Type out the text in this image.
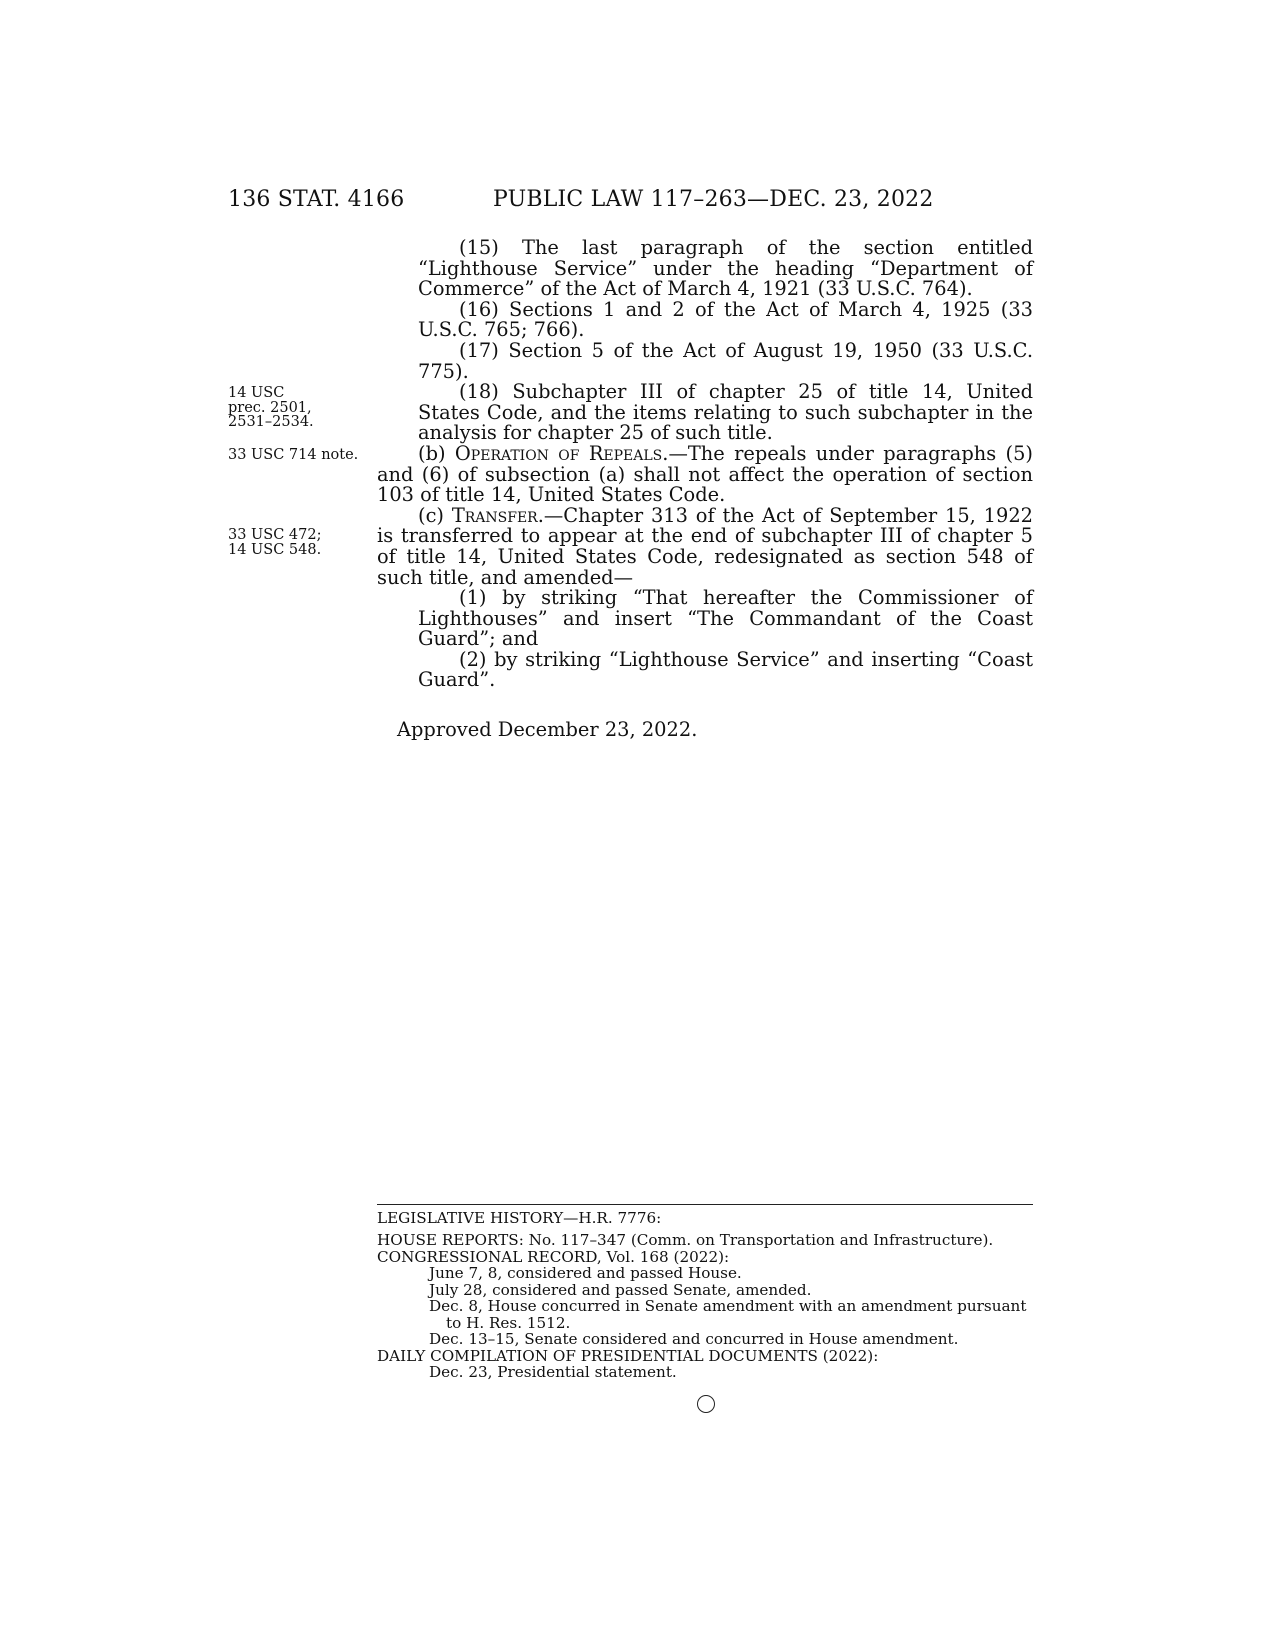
136 STAT. 4166	PUBLIC LAW 117–263—DEC. 23, 2022

(15) The last paragraph of the section entitled “Lighthouse Service” under the heading “Department of Commerce” of the Act of March 4, 1921 (33 U.S.C. 764).

(16) Sections 1 and 2 of the Act of March 4, 1925 (33 U.S.C. 765; 766).

(17) Section 5 of the Act of August 19, 1950 (33 U.S.C. 775).

(18) Subchapter III of chapter 25 of title 14, United States Code, and the items relating to such subchapter in the analysis for chapter 25 of such title.

(b) Operation of Repeals.—The repeals under paragraphs (5) and (6) of subsection (a) shall not affect the operation of section 103 of title 14, United States Code.

(c) Transfer.—Chapter 313 of the Act of September 15, 1922 is transferred to appear at the end of subchapter III of chapter 5 of title 14, United States Code, redesignated as section 548 of such title, and amended—

(1) by striking “That hereafter the Commissioner of Lighthouses” and insert “The Commandant of the Coast Guard”; and

(2) by striking “Lighthouse Service” and inserting “Coast Guard”.

14 USC
prec. 2501,
2531–2534.
33 USC 714 note.
33 USC 472;
14 USC 548.
Approved December 23, 2022.
LEGISLATIVE HISTORY—H.R. 7776:

HOUSE REPORTS: No. 117–347 (Comm. on Transportation and Infrastructure).

CONGRESSIONAL RECORD, Vol. 168 (2022):

June 7, 8, considered and passed House.

July 28, considered and passed Senate, amended.

Dec. 8, House concurred in Senate amendment with an amendment pursuant

to H. Res. 1512.

Dec. 13–15, Senate considered and concurred in House amendment.

DAILY COMPILATION OF PRESIDENTIAL DOCUMENTS (2022):

Dec. 23, Presidential statement.
